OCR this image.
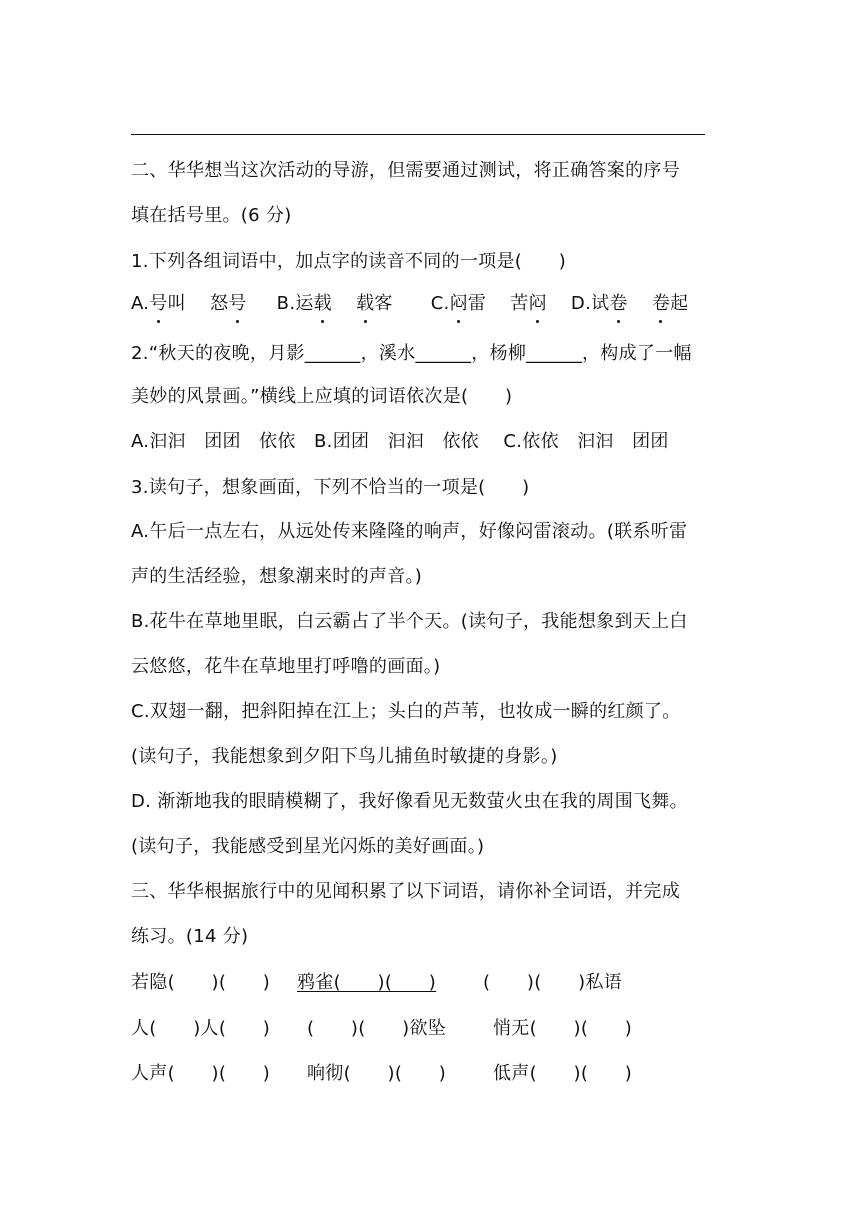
二、华华想当这次活动的导游，但需要通过测试，将正确答案的序号
填在括号里。(6 分)
1.下列各组词语中，加点字的读音不同的一项是(　　)
A.号叫 怒号 B.运载 载客 C.闷雷 苦闷 D.试卷 卷起
2.“秋天的夜晚，月影______，溪水______，杨柳______，构成了一幅
美妙的风景画。”横线上应填的词语依次是(　　)
A.汩汩　团团　依依　B.团团　汩汩　依依　 C.依依　汩汩　团团
3.读句子，想象画面，下列不恰当的一项是(　　)
A.午后一点左右，从远处传来隆隆的响声，好像闷雷滚动。(联系听雷
声的生活经验，想象潮来时的声音。)
B.花牛在草地里眠，白云霸占了半个天。(读句子，我能想象到天上白
云悠悠，花牛在草地里打呼噜的画面。)
C.双翅一翻，把斜阳掉在江上；头白的芦苇，也妆成一瞬的红颜了。
(读句子，我能想象到夕阳下鸟儿捕鱼时敏捷的身影。)
D. 渐渐地我的眼睛模糊了，我好像看见无数萤火虫在我的周围飞舞。
(读句子，我能感受到星光闪烁的美好画面。)
三、华华根据旅行中的见闻积累了以下词语，请你补全词语，并完成
练习。(14 分)
若隐(　　)(　　) 鸦雀(　　)(　　)	(　　)(　　)私语
人(　　)人(　　) (　　)(　　)欲坠	悄无(　　)(　　)
人声(　　)(　　) 响彻(　　)(　　)	低声(　　)(　　)
